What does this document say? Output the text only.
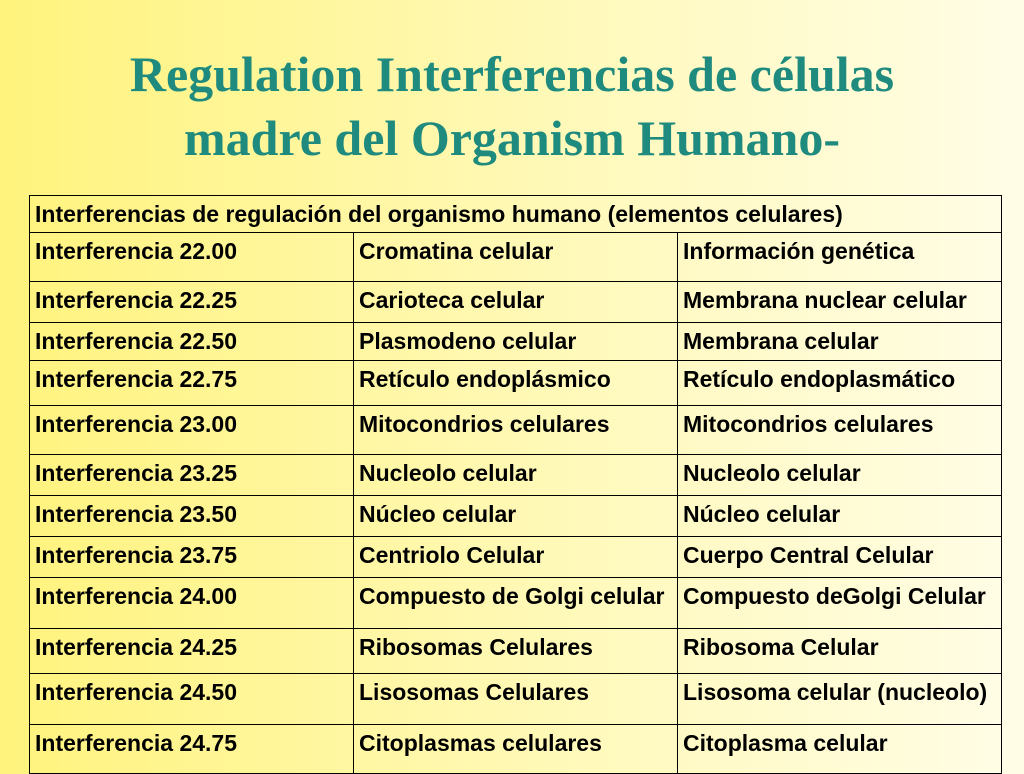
Regulation Interferencias de células
madre del Organism Humano-
Interferencias de regulación del organismo humano (elementos celulares)		
Interferencia 22.00	Cromatina celular	Información genética
Interferencia 22.25	Carioteca celular	Membrana nuclear celular
Interferencia 22.50	Plasmodeno celular	Membrana celular
Interferencia 22.75	Retículo endoplásmico	Retículo endoplasmático
Interferencia 23.00	Mitocondrios celulares	Mitocondrios celulares
Interferencia 23.25	Nucleolo celular	Nucleolo celular
Interferencia 23.50	Núcleo celular	Núcleo celular
Interferencia 23.75	Centriolo Celular	Cuerpo Central Celular
Interferencia 24.00	Compuesto de Golgi celular	Compuesto deGolgi Celular
Interferencia 24.25	Ribosomas Celulares	Ribosoma Celular
Interferencia 24.50	Lisosomas Celulares	Lisosoma celular (nucleolo)
Interferencia 24.75	Citoplasmas celulares	Citoplasma celular
